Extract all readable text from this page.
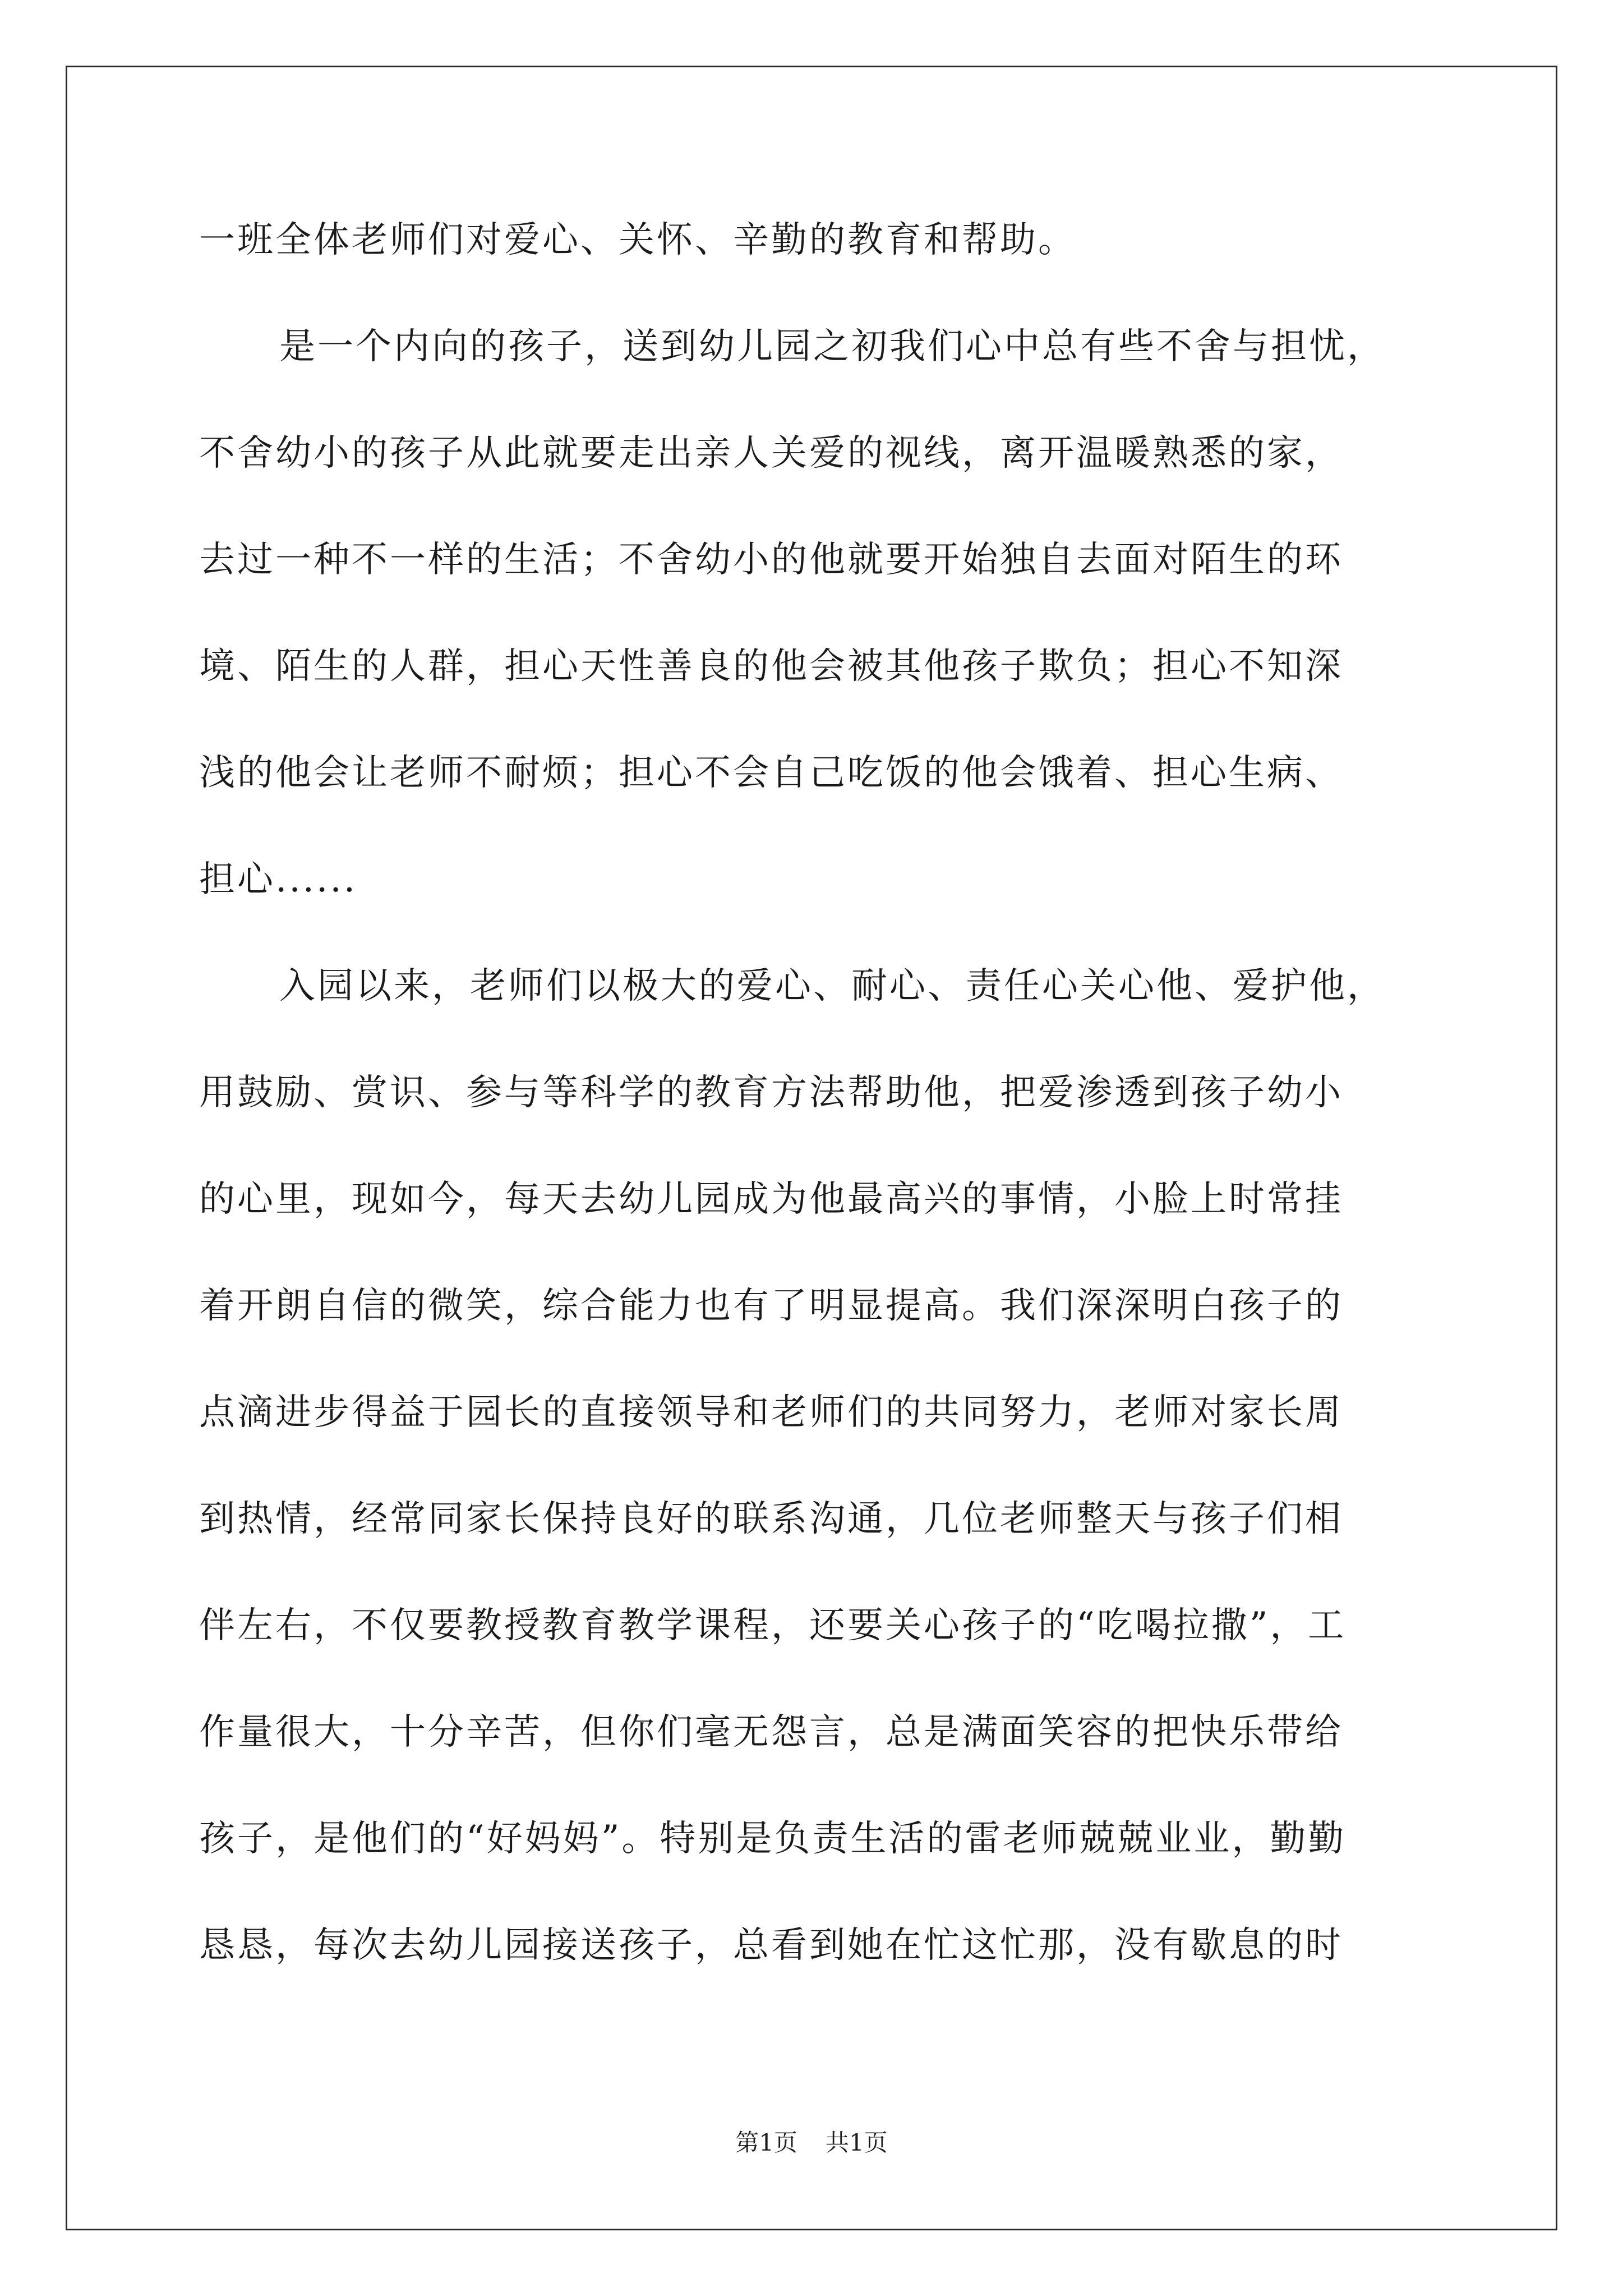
一班全体老师们对爱心、关怀、辛勤的教育和帮助。
是一个内向的孩子，送到幼儿园之初我们心中总有些不舍与担忧，
不舍幼小的孩子从此就要走出亲人关爱的视线，离开温暖熟悉的家，
去过一种不一样的生活；不舍幼小的他就要开始独自去面对陌生的环
境、陌生的人群，担心天性善良的他会被其他孩子欺负；担心不知深
浅的他会让老师不耐烦；担心不会自己吃饭的他会饿着、担心生病、
担心......
入园以来，老师们以极大的爱心、耐心、责任心关心他、爱护他，
用鼓励、赏识、参与等科学的教育方法帮助他，把爱渗透到孩子幼小
的心里，现如今，每天去幼儿园成为他最高兴的事情，小脸上时常挂
着开朗自信的微笑，综合能力也有了明显提高。我们深深明白孩子的
点滴进步得益于园长的直接领导和老师们的共同努力，老师对家长周
到热情，经常同家长保持良好的联系沟通，几位老师整天与孩子们相
伴左右，不仅要教授教育教学课程，还要关心孩子的“吃喝拉撒”，工
作量很大，十分辛苦，但你们毫无怨言，总是满面笑容的把快乐带给
孩子，是他们的“好妈妈”。特别是负责生活的雷老师兢兢业业，勤勤
恳恳，每次去幼儿园接送孩子，总看到她在忙这忙那，没有歇息的时
第1页 共1页
